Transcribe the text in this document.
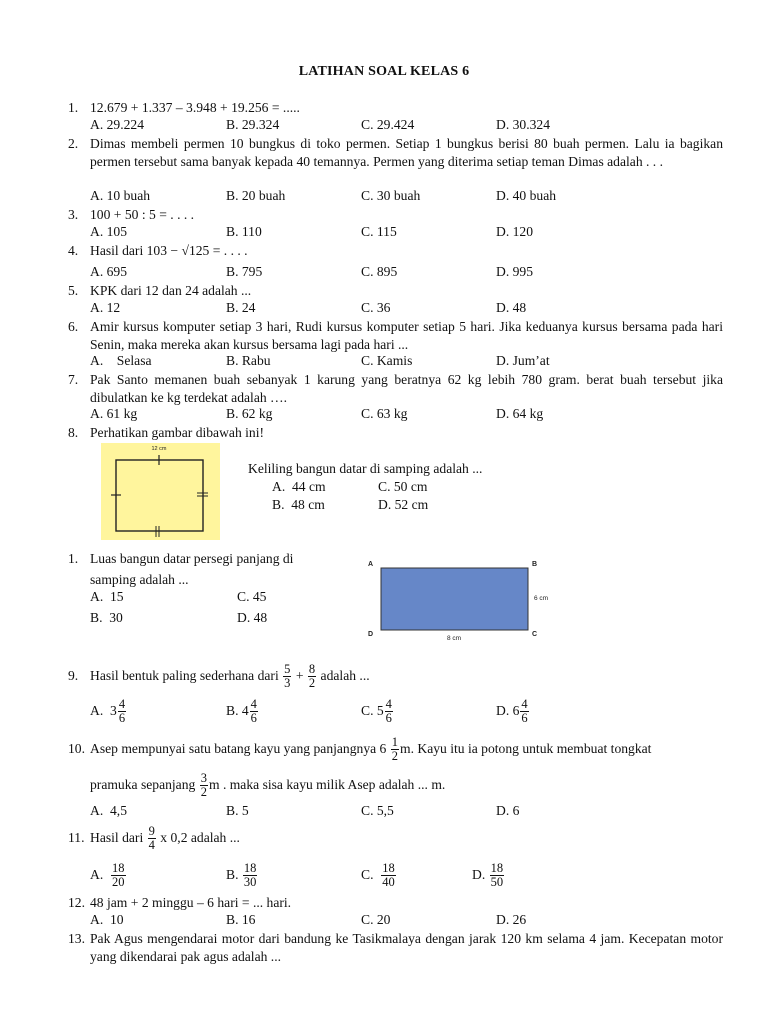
LATIHAN SOAL KELAS 6
1. 12.679 + 1.337 – 3.948 + 19.256 = .....
A. 29.224	B. 29.324	C. 29.424	D. 30.324
2. Dimas membeli permen 10 bungkus di toko permen. Setiap 1 bungkus berisi 80 buah permen. Lalu ia bagikan permen tersebut sama banyak kepada 40 temannya. Permen yang diterima setiap teman Dimas adalah . . .
A. 10 buah	B. 20 buah	C. 30 buah	D. 40 buah
3. 100 + 50 : 5 = . . . .
A. 105	B. 110	C. 115	D. 120
4. Hasil dari 103 − √125 = . . . .
A. 695	B. 795	C. 895	D. 995
5. KPK dari 12 dan 24 adalah ...
A. 12	B. 24	C. 36	D. 48
6. Amir kursus komputer setiap 3 hari, Rudi kursus komputer setiap 5 hari. Jika keduanya kursus bersama pada hari Senin, maka mereka akan kursus bersama lagi pada hari ...
A.    Selasa	B. Rabu	C. Kamis	D. Jum’at
7. Pak Santo memanen buah sebanyak 1 karung yang beratnya 62 kg lebih 780 gram. berat buah tersebut jika dibulatkan ke kg terdekat adalah ….
A. 61 kg	B. 62 kg	C. 63 kg	D. 64 kg
8. Perhatikan gambar dibawah ini!
12 cm
Keliling bangun datar di samping adalah ...
A.  44 cm	C. 50 cm
B.  48 cm	D. 52 cm
1. Luas bangun datar persegi panjang di samping adalah ...
A.  15	C. 45
B.  30	D. 48
A	B
C
D
6 cm
8 cm
9. Hasil bentuk paling sederhana dari $\frac{5}{3} + \frac{8}{2}$ adalah ...
A. $3 \frac{4}{6}$	B. $4 \frac{4}{6}$	C. $5 \frac{4}{6}$	D. $6 \frac{4}{6}$
10. Asep mempunyai satu batang kayu yang panjangnya $6 \frac{1}{2} m$. Kayu itu ia potong untuk membuat tongkat
pramuka sepanjang $\frac{3}{2}$ m . maka sisa kayu milik Asep adalah ... m.
A.  4,5	B. 5	C. 5,5	D. 6
11. Hasil dari $\frac{9}{4}$ x 0,2 adalah ...
A. $\frac{18}{20}$	B. $\frac{18}{30}$	C. $\frac{18}{40}$	D. $\frac{18}{50}$
12. 48 jam + 2 minggu – 6 hari = ... hari.
A.  10	B. 16	C. 20	D. 26
13. Pak Agus mengendarai motor dari bandung ke Tasikmalaya dengan jarak 120 km selama 4 jam. Kecepatan motor yang dikendarai pak agus adalah ...
